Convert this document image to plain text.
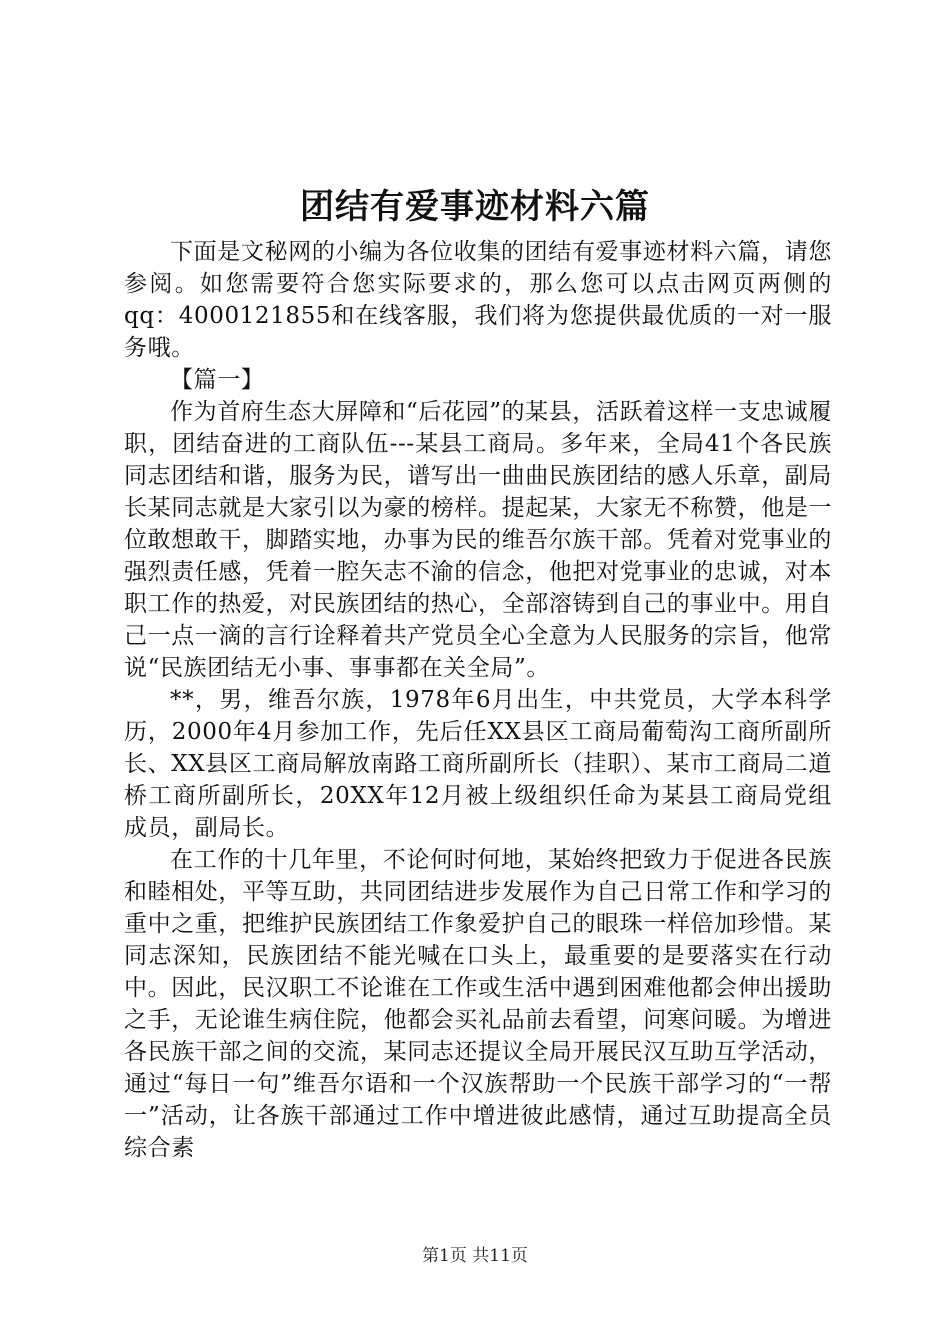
团结有爱事迹材料六篇

下面是文秘网的小编为各位收集的团结有爱事迹材料六篇，请您参阅。如您需要符合您实际要求的，那么您可以点击网页两侧的qq：4000121855和在线客服，我们将为您提供最优质的一对一服务哦。

【篇一】

作为首府生态大屏障和“后花园”的某县，活跃着这样一支忠诚履职，团结奋进的工商队伍---某县工商局。多年来，全局41个各民族同志团结和谐，服务为民，谱写出一曲曲民族团结的感人乐章，副局长某同志就是大家引以为豪的榜样。提起某，大家无不称赞，他是一位敢想敢干，脚踏实地，办事为民的维吾尔族干部。凭着对党事业的强烈责任感，凭着一腔矢志不渝的信念，他把对党事业的忠诚，对本职工作的热爱，对民族团结的热心，全部溶铸到自己的事业中。用自己一点一滴的言行诠释着共产党员全心全意为人民服务的宗旨，他常说“民族团结无小事、事事都在关全局”。

**，男，维吾尔族，1978年6月出生，中共党员，大学本科学历，2000年4月参加工作，先后任XX县区工商局葡萄沟工商所副所长、XX县区工商局解放南路工商所副所长（挂职）、某市工商局二道桥工商所副所长，20XX年12月被上级组织任命为某县工商局党组成员，副局长。

在工作的十几年里，不论何时何地，某始终把致力于促进各民族和睦相处，平等互助，共同团结进步发展作为自己日常工作和学习的重中之重，把维护民族团结工作象爱护自己的眼珠一样倍加珍惜。某同志深知，民族团结不能光喊在口头上，最重要的是要落实在行动中。因此，民汉职工不论谁在工作或生活中遇到困难他都会伸出援助之手，无论谁生病住院，他都会买礼品前去看望，问寒问暖。为增进各民族干部之间的交流，某同志还提议全局开展民汉互助互学活动，通过“每日一句”维吾尔语和一个汉族帮助一个民族干部学习的“一帮一”活动，让各族干部通过工作中增进彼此感情，通过互助提高全员综合素

第1页 共11页
